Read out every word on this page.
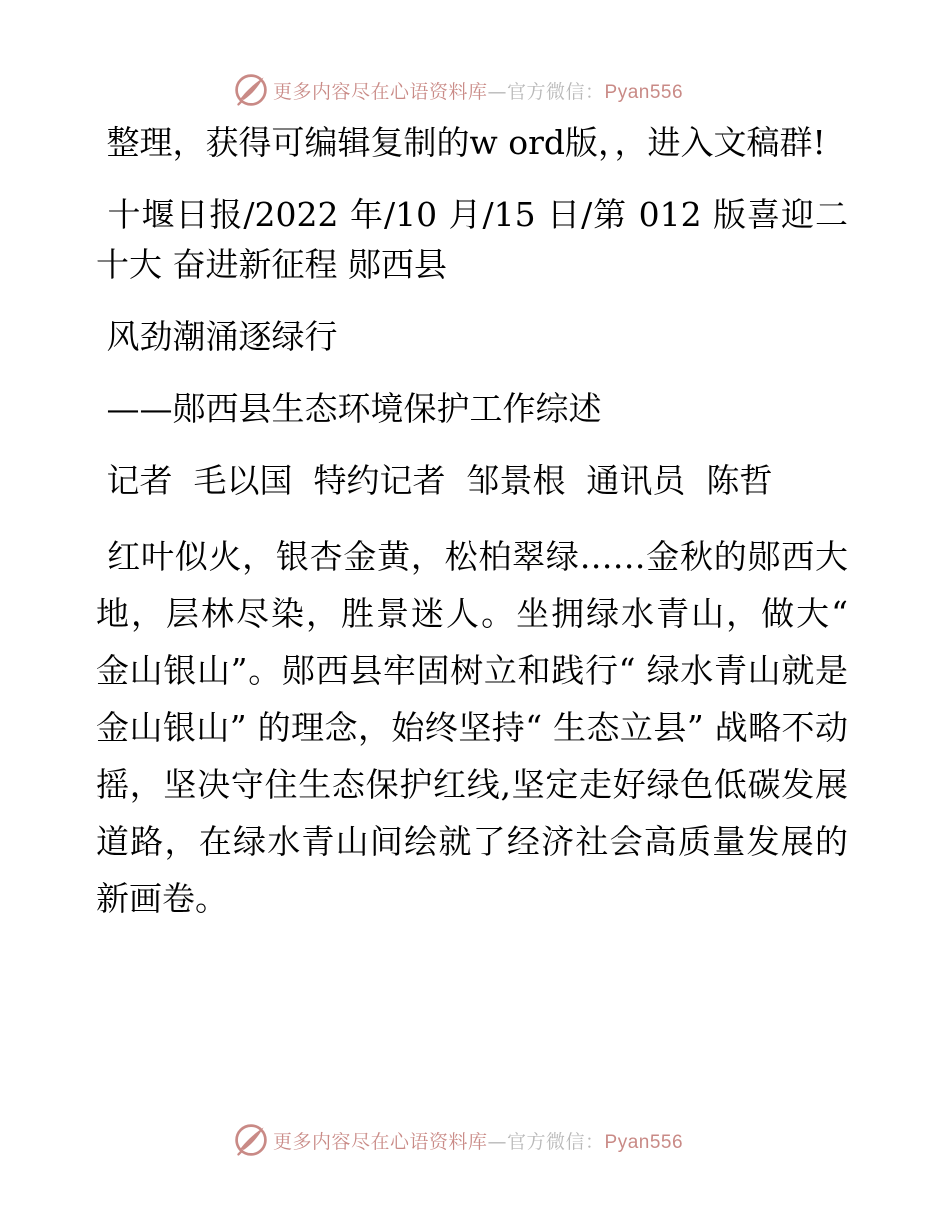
更多内容尽在心语资料库—官方微信：Pyan556

整理，获得可编辑复制的w ord版，，进入文稿群!

十堰日报/2022 年/10 月/15 日/第 012 版喜迎二十大 奋进新征程 郧西县

风劲潮涌逐绿行

——郧西县生态环境保护工作综述

记者  毛以国  特约记者  邹景根  通讯员  陈哲

红叶似火，银杏金黄，松柏翠绿……金秋的郧西大地，层林尽染，胜景迷人。坐拥绿水青山，做大“ 金山银山”。郧西县牢固树立和践行“ 绿水青山就是金山银山” 的理念，始终坚持“ 生态立县” 战略不动摇，坚决守住生态保护红线,坚定走好绿色低碳发展道路，在绿水青山间绘就了经济社会高质量发展的新画卷。

更多内容尽在心语资料库—官方微信：Pyan556
